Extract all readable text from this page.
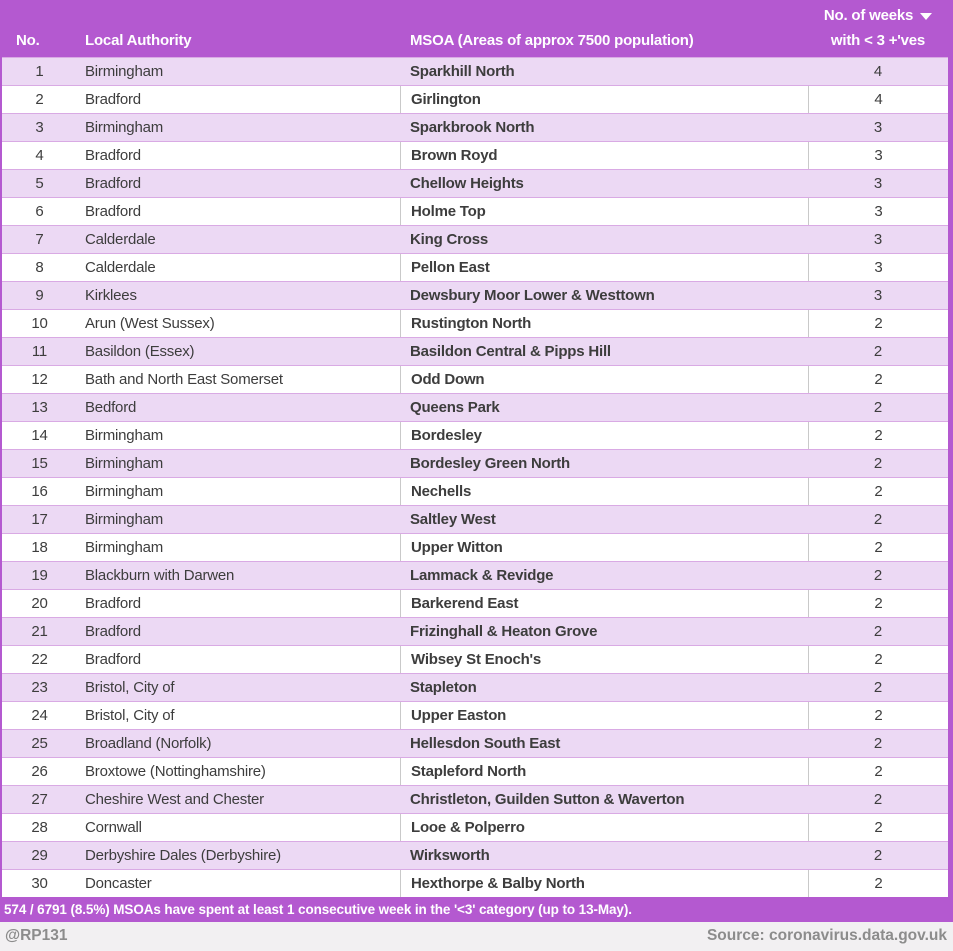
No.	Local Authority	MSOA (Areas of approx 7500 population)
No. of weeks
with < 3 +'ves
1	Birmingham	Sparkhill North	4
2	Bradford	Girlington	4
3	Birmingham	Sparkbrook North	3
4	Bradford	Brown Royd	3
5	Bradford	Chellow Heights	3
6	Bradford	Holme Top	3
7	Calderdale	King Cross	3
8	Calderdale	Pellon East	3
9	Kirklees	Dewsbury Moor Lower & Westtown	3
10	Arun (West Sussex)	Rustington North	2
11	Basildon (Essex)	Basildon Central & Pipps Hill	2
12	Bath and North East Somerset	Odd Down	2
13	Bedford	Queens Park	2
14	Birmingham	Bordesley	2
15	Birmingham	Bordesley Green North	2
16	Birmingham	Nechells	2
17	Birmingham	Saltley West	2
18	Birmingham	Upper Witton	2
19	Blackburn with Darwen	Lammack & Revidge	2
20	Bradford	Barkerend East	2
21	Bradford	Frizinghall & Heaton Grove	2
22	Bradford	Wibsey St Enoch's	2
23	Bristol, City of	Stapleton	2
24	Bristol, City of	Upper Easton	2
25	Broadland (Norfolk)	Hellesdon South East	2
26	Broxtowe (Nottinghamshire)	Stapleford North	2
27	Cheshire West and Chester	Christleton, Guilden Sutton & Waverton	2
28	Cornwall	Looe & Polperro	2
29	Derbyshire Dales (Derbyshire)	Wirksworth	2
30	Doncaster	Hexthorpe & Balby North	2
574 / 6791 (8.5%) MSOAs have spent at least 1 consecutive week in the '<3' category (up to 13-May).
@RP131	Source: coronavirus.data.gov.uk
